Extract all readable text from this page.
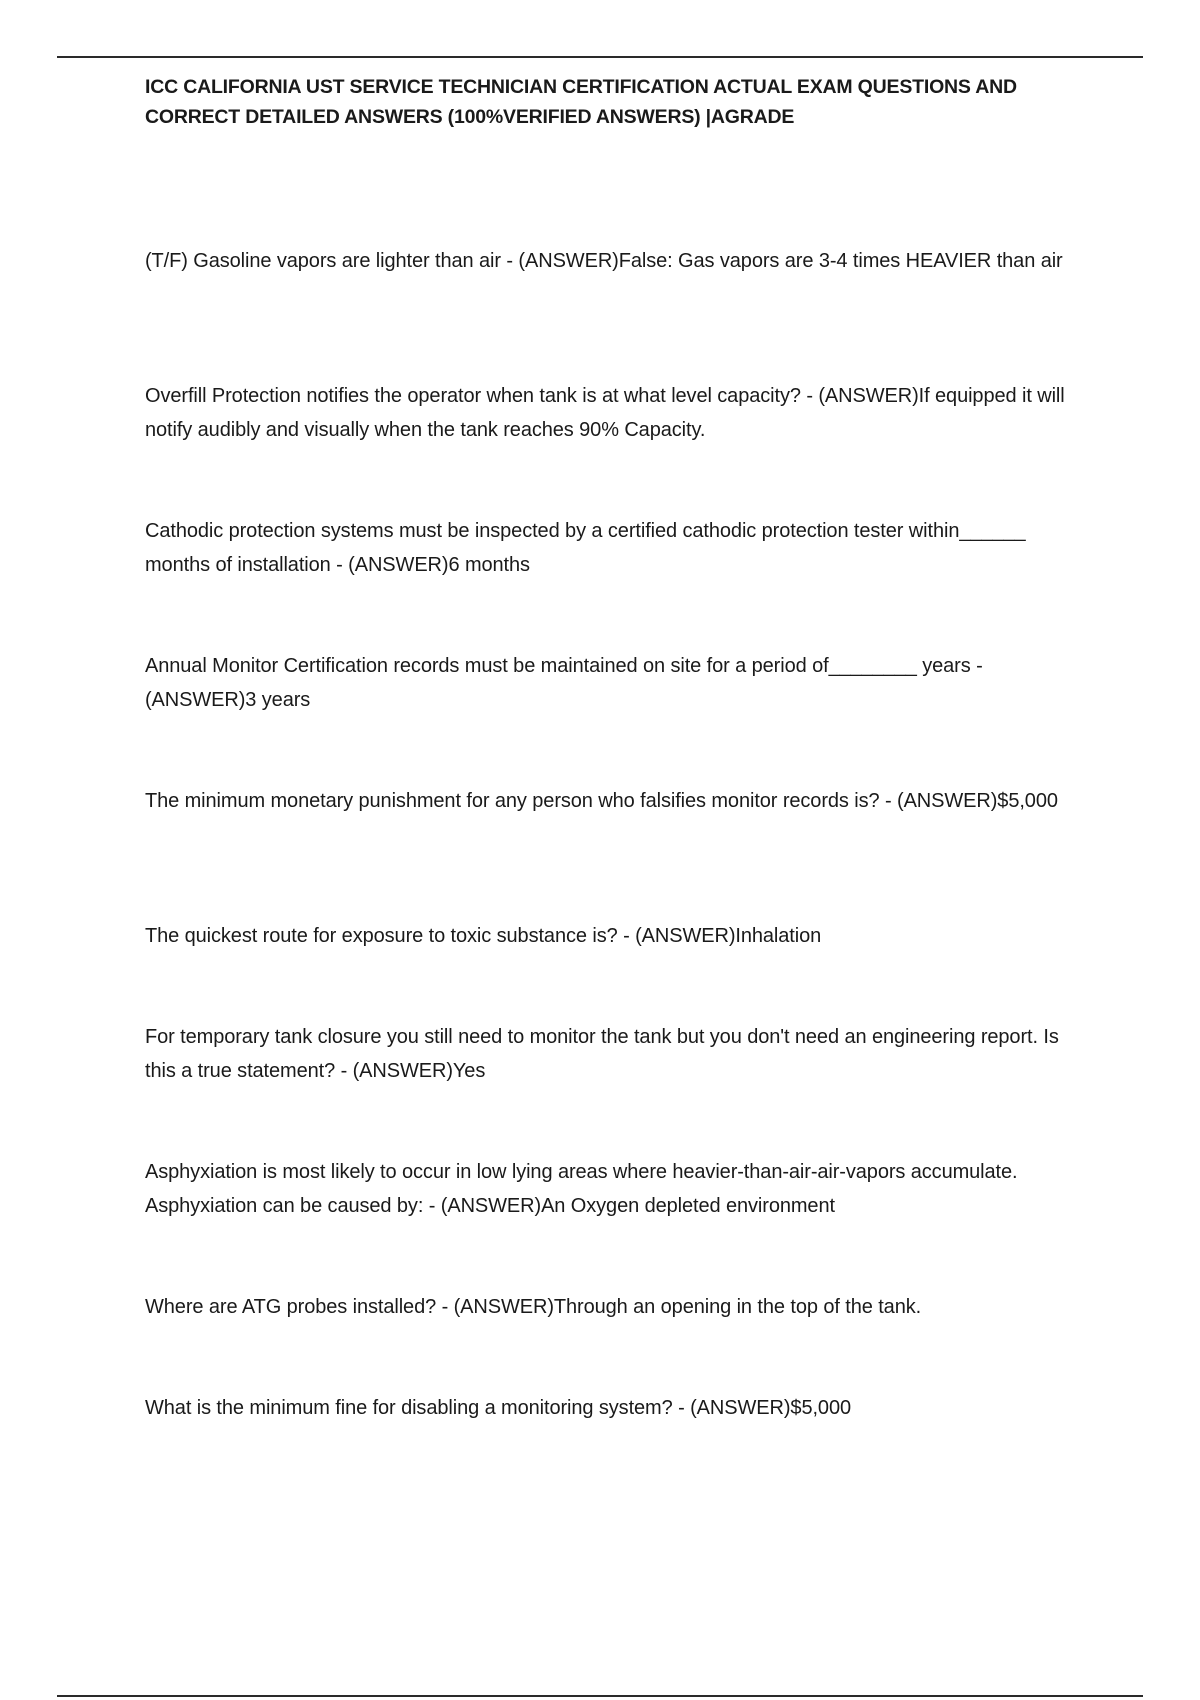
ICC CALIFORNIA UST SERVICE TECHNICIAN CERTIFICATION ACTUAL EXAM QUESTIONS AND CORRECT DETAILED ANSWERS (100%VERIFIED ANSWERS) |AGRADE
(T/F) Gasoline vapors are lighter than air - (ANSWER)False: Gas vapors are 3-4 times HEAVIER than air
Overfill Protection notifies the operator when tank is at what level capacity? - (ANSWER)If equipped it will notify audibly and visually when the tank reaches 90% Capacity.
Cathodic protection systems must be inspected by a certified cathodic protection tester within______ months of installation - (ANSWER)6 months
Annual Monitor Certification records must be maintained on site for a period of________ years - (ANSWER)3 years
The minimum monetary punishment for any person who falsifies monitor records is? - (ANSWER)$5,000
The quickest route for exposure to toxic substance is? - (ANSWER)Inhalation
For temporary tank closure you still need to monitor the tank but you don't need an engineering report. Is this a true statement? - (ANSWER)Yes
Asphyxiation is most likely to occur in low lying areas where heavier-than-air-air-vapors accumulate. Asphyxiation can be caused by: - (ANSWER)An Oxygen depleted environment
Where are ATG probes installed? - (ANSWER)Through an opening in the top of the tank.
What is the minimum fine for disabling a monitoring system? - (ANSWER)$5,000
